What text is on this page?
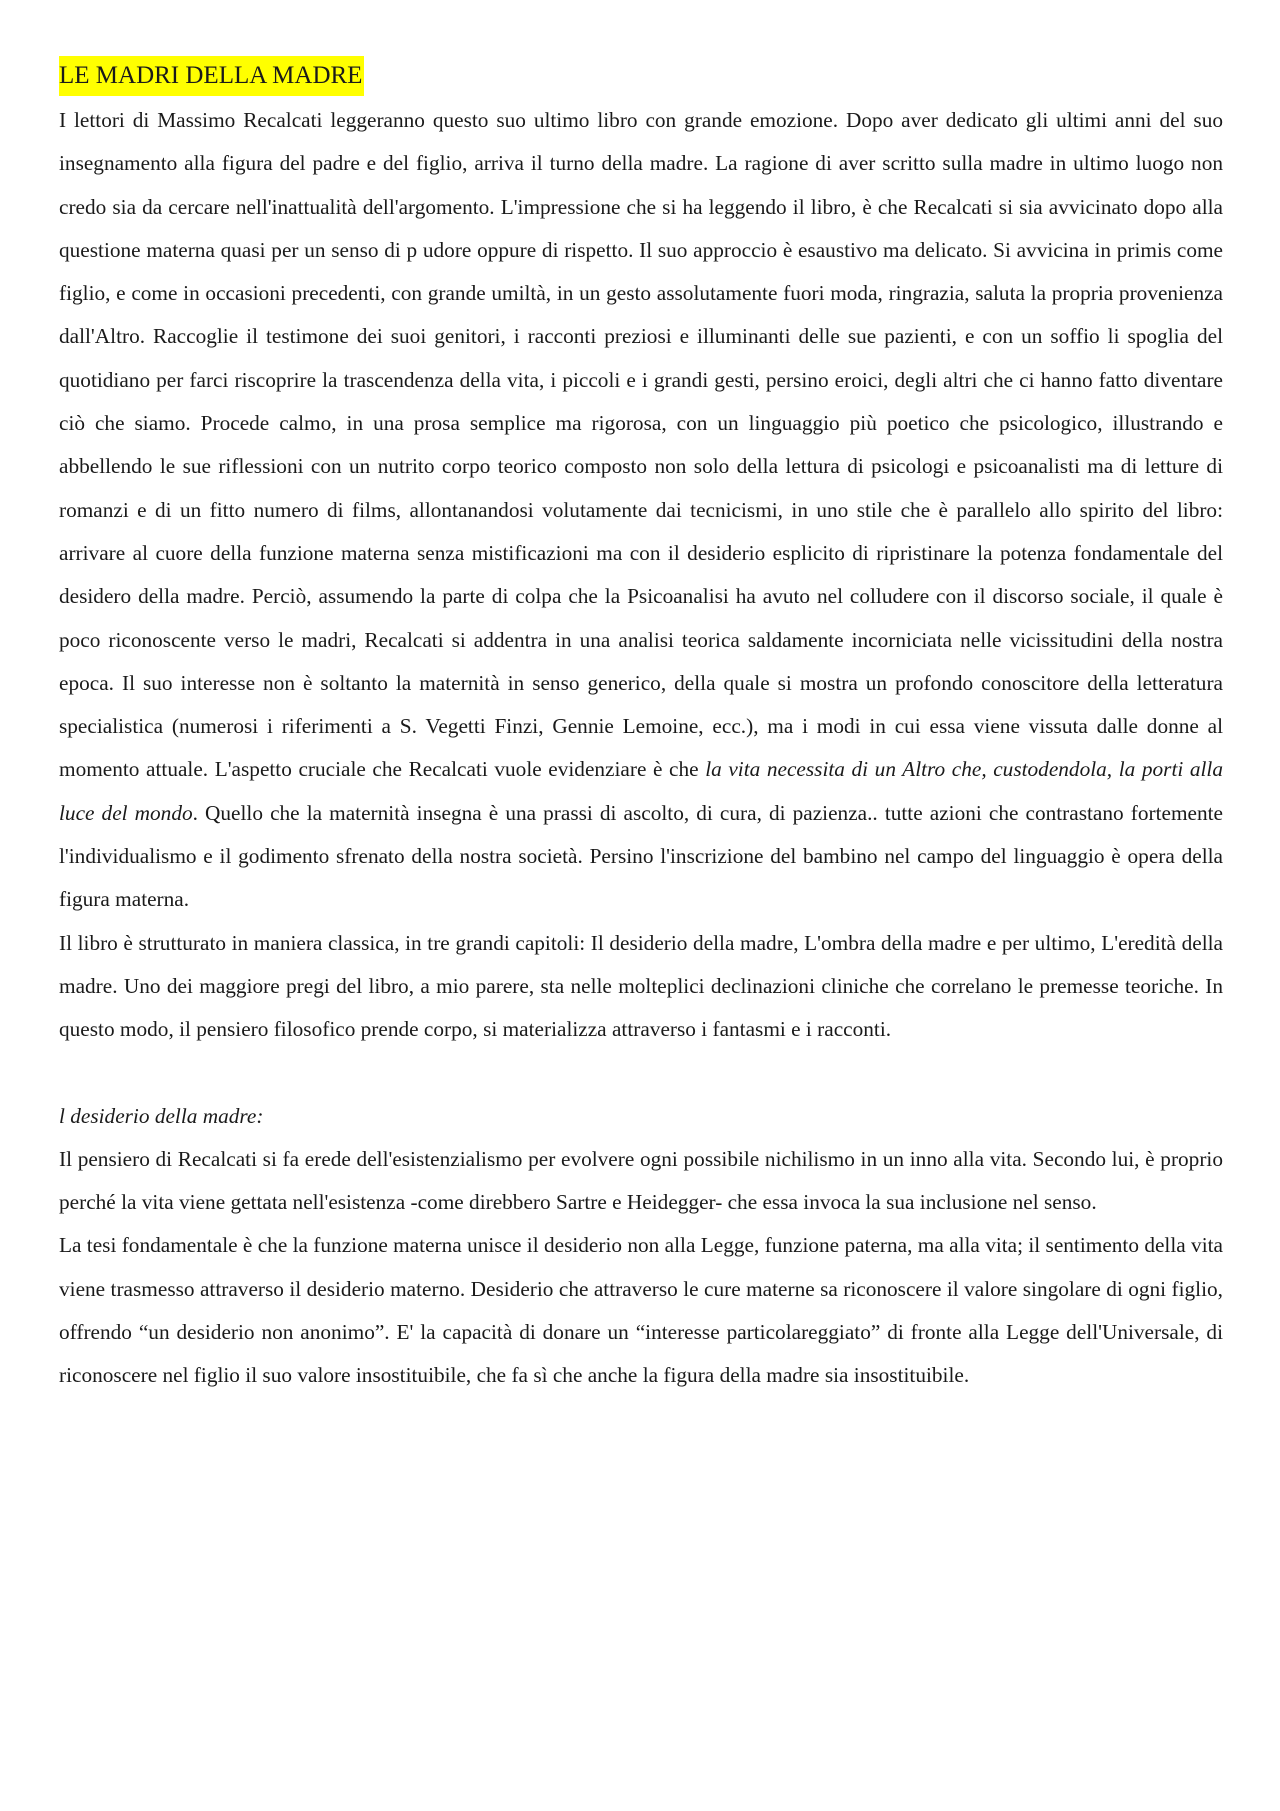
LE MADRI DELLA MADRE

I lettori di Massimo Recalcati leggeranno questo suo ultimo libro con grande emozione. Dopo aver dedicato gli ultimi anni del suo insegnamento alla figura del padre e del figlio, arriva il turno della madre. La ragione di aver scritto sulla madre in ultimo luogo non credo sia da cercare nell'inattualità dell'argomento. L'impressione che si ha leggendo il libro, è che Recalcati si sia avvicinato dopo alla questione materna quasi per un senso di p udore oppure di rispetto. Il suo approccio è esaustivo ma delicato. Si avvicina in primis come figlio, e come in occasioni precedenti, con grande umiltà, in un gesto assolutamente fuori moda, ringrazia, saluta la propria provenienza dall'Altro. Raccoglie il testimone dei suoi genitori, i racconti preziosi e illuminanti delle sue pazienti, e con un soffio li spoglia del quotidiano per farci riscoprire la trascendenza della vita, i piccoli e i grandi gesti, persino eroici, degli altri che ci hanno fatto diventare ciò che siamo. Procede calmo, in una prosa semplice ma rigorosa, con un linguaggio più poetico che psicologico, illustrando e abbellendo le sue riflessioni con un nutrito corpo teorico composto non solo della lettura di psicologi e psicoanalisti ma di letture di romanzi e di un fitto numero di films, allontanandosi volutamente dai tecnicismi, in uno stile che è parallelo allo spirito del libro: arrivare al cuore della funzione materna senza mistificazioni ma con il desiderio esplicito di ripristinare la potenza fondamentale del desidero della madre. Perciò, assumendo la parte di colpa che la Psicoanalisi ha avuto nel colludere con il discorso sociale, il quale è poco riconoscente verso le madri, Recalcati si addentra in una analisi teorica saldamente incorniciata nelle vicissitudini della nostra epoca. Il suo interesse non è soltanto la maternità in senso generico, della quale si mostra un profondo conoscitore della letteratura specialistica (numerosi i riferimenti a S. Vegetti Finzi, Gennie Lemoine, ecc.), ma i modi in cui essa viene vissuta dalle donne al momento attuale. L'aspetto cruciale che Recalcati vuole evidenziare è che la vita necessita di un Altro che, custodendola, la porti alla luce del mondo. Quello che la maternità insegna è una prassi di ascolto, di cura, di pazienza.. tutte azioni che contrastano fortemente l'individualismo e il godimento sfrenato della nostra società. Persino l'inscrizione del bambino nel campo del linguaggio è opera della figura materna.

Il libro è strutturato in maniera classica, in tre grandi capitoli: Il desiderio della madre, L'ombra della madre e per ultimo, L'eredità della madre. Uno dei maggiore pregi del libro, a mio parere, sta nelle molteplici declinazioni cliniche che correlano le premesse teoriche. In questo modo, il pensiero filosofico prende corpo, si materializza attraverso i fantasmi e i racconti.

l desiderio della madre:

Il pensiero di Recalcati si fa erede dell'esistenzialismo per evolvere ogni possibile nichilismo in un inno alla vita. Secondo lui, è proprio perché la vita viene gettata nell'esistenza -come direbbero Sartre e Heidegger- che essa invoca la sua inclusione nel senso.

La tesi fondamentale è che la funzione materna unisce il desiderio non alla Legge, funzione paterna, ma alla vita; il sentimento della vita viene trasmesso attraverso il desiderio materno. Desiderio che attraverso le cure materne sa riconoscere il valore singolare di ogni figlio, offrendo “un desiderio non anonimo”. E' la capacità di donare un “interesse particolareggiato” di fronte alla Legge dell'Universale, di riconoscere nel figlio il suo valore insostituibile, che fa sì che anche la figura della madre sia insostituibile.
